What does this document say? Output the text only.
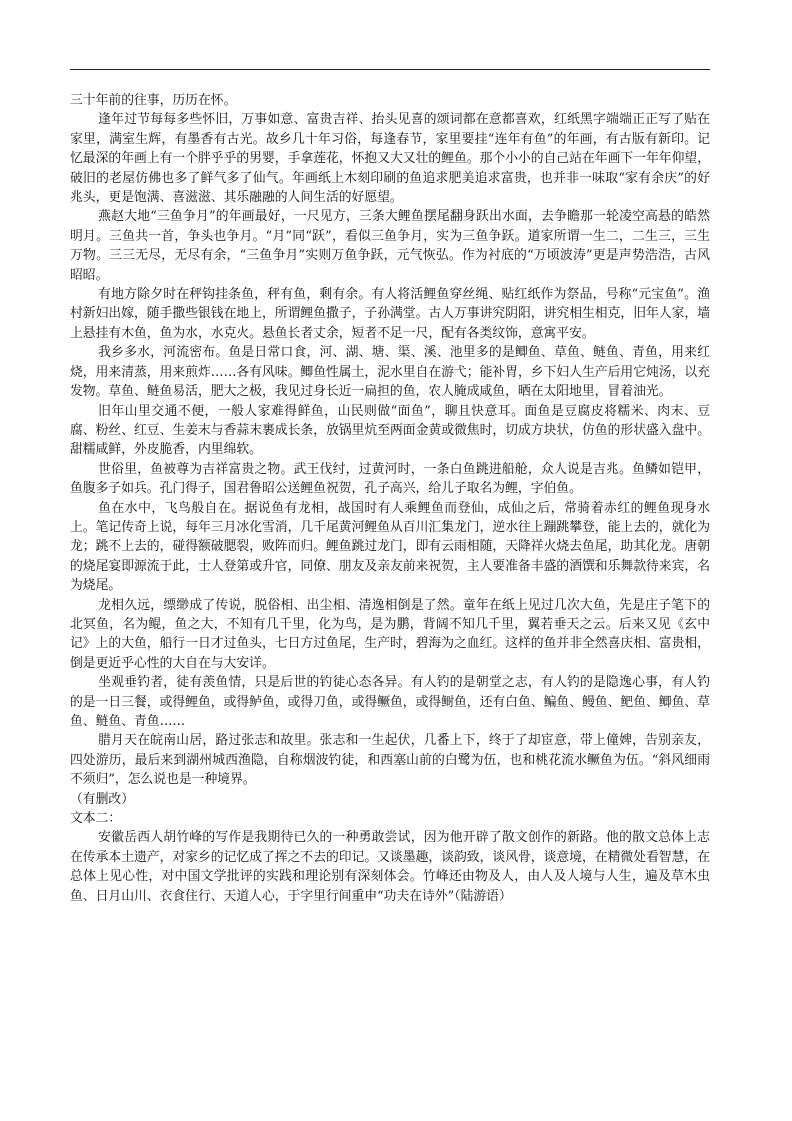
三十年前的往事，历历在怀。

逢年过节每每多些怀旧，万事如意、富贵吉祥、抬头见喜的颂词都在意都喜欢，红纸黑字端端正正写了贴在家里，满室生辉，有墨香有古光。故乡几十年习俗，每逢春节，家里要挂“连年有鱼”的年画，有古版有新印。记忆最深的年画上有一个胖乎乎的男婴，手拿莲花，怀抱又大又壮的鲤鱼。那个小小的自己站在年画下一年年仰望，破旧的老屋仿佛也多了鲜气多了仙气。年画纸上木刻印刷的鱼追求肥美追求富贵，也并非一味取“家有余庆”的好兆头，更是饱满、喜滋滋、其乐融融的人间生活的好愿望。

燕赵大地“三鱼争月”的年画最好，一尺见方，三条大鲤鱼摆尾翻身跃出水面，去争瞻那一轮凌空高悬的皓然明月。三鱼共一首，争头也争月。“月”同“跃”，看似三鱼争月，实为三鱼争跃。道家所谓一生二，二生三，三生万物。三三无尽，无尽有余，“三鱼争月”实则万鱼争跃，元气恢弘。作为衬底的“万顷波涛”更是声势浩浩，古风昭昭。

有地方除夕时在秤钩挂条鱼，秤有鱼，剩有余。有人将活鲤鱼穿丝绳、贴红纸作为祭品，号称“元宝鱼”。渔村新妇出嫁，随手撒些银钱在地上，所谓鲤鱼撒子，子孙满堂。古人万事讲究阴阳，讲究相生相克，旧年人家，墙上悬挂有木鱼，鱼为水，水克火。悬鱼长者丈余，短者不足一尺，配有各类纹饰，意寓平安。

我乡多水，河流密布。鱼是日常口食，河、湖、塘、渠、溪、池里多的是鲫鱼、草鱼、鲢鱼、青鱼，用来红烧，用来清蒸，用来煎炸……各有风味。鲫鱼性属土，泥水里自在游弋；能补胃，乡下妇人生产后用它炖汤，以充发物。草鱼、鲢鱼易活，肥大之极，我见过身长近一扁担的鱼，农人腌成咸鱼，晒在太阳地里，冒着油光。

旧年山里交通不便，一般人家难得鲜鱼，山民则做“面鱼”，聊且快意耳。面鱼是豆腐皮将糯米、肉末、豆腐、粉丝、红豆、生姜末与香蒜末裹成长条，放锅里炕至两面金黄或微焦时，切成方块状，仿鱼的形状盛入盘中。甜糯咸鲜，外皮脆香，内里绵软。

世俗里，鱼被尊为吉祥富贵之物。武王伐纣，过黄河时，一条白鱼跳进船舱，众人说是吉兆。鱼鳞如铠甲，鱼腹多子如兵。孔门得子，国君鲁昭公送鲤鱼祝贺，孔子高兴，给儿子取名为鲤，字伯鱼。

鱼在水中，飞鸟般自在。据说鱼有龙相，战国时有人乘鲤鱼而登仙，成仙之后，常骑着赤红的鲤鱼现身水上。笔记传奇上说，每年三月冰化雪消，几千尾黄河鲤鱼从百川汇集龙门，逆水往上蹦跳攀登，能上去的，就化为龙；跳不上去的，碰得额破腮裂，败阵而归。鲤鱼跳过龙门，即有云雨相随，天降祥火烧去鱼尾，助其化龙。唐朝的烧尾宴即源流于此，士人登第或升官，同僚、朋友及亲友前来祝贺，主人要准备丰盛的酒馔和乐舞款待来宾，名为烧尾。

龙相久远，缥缈成了传说，脱俗相、出尘相、清逸相倒是了然。童年在纸上见过几次大鱼，先是庄子笔下的北冥鱼，名为鲲，鱼之大，不知有几千里，化为鸟，是为鹏，背阔不知几千里，翼若垂天之云。后来又见《玄中记》上的大鱼，船行一日才过鱼头，七日方过鱼尾，生产时，碧海为之血红。这样的鱼并非全然喜庆相、富贵相，倒是更近乎心性的大自在与大安详。

坐观垂钓者，徒有羡鱼情，只是后世的钓徒心态各异。有人钓的是朝堂之志，有人钓的是隐逸心事，有人钓的是一日三餐，或得鲤鱼，或得鲈鱼，或得刀鱼，或得鳜鱼，或得鲥鱼，还有白鱼、鳊鱼、鳗鱼、鲃鱼、鲫鱼、草鱼、鲢鱼、青鱼……

腊月天在皖南山居，路过张志和故里。张志和一生起伏，几番上下，终于了却宦意，带上僮婢，告别亲友，四处游历，最后来到湖州城西渔隐，自称烟波钓徒，和西塞山前的白鹭为伍，也和桃花流水鳜鱼为伍。“斜风细雨不须归”，怎么说也是一种境界。

（有删改）

文本二：

安徽岳西人胡竹峰的写作是我期待已久的一种勇敢尝试，因为他开辟了散文创作的新路。他的散文总体上志在传承本土遗产，对家乡的记忆成了挥之不去的印记。又谈墨趣，谈韵致，谈风骨，谈意境，在精微处看智慧，在总体上见心性，对中国文学批评的实践和理论别有深刻体会。竹峰还由物及人，由人及人境与人生，遍及草木虫鱼、日月山川、衣食住行、天道人心，于字里行间重申“功夫在诗外”（陆游语）
